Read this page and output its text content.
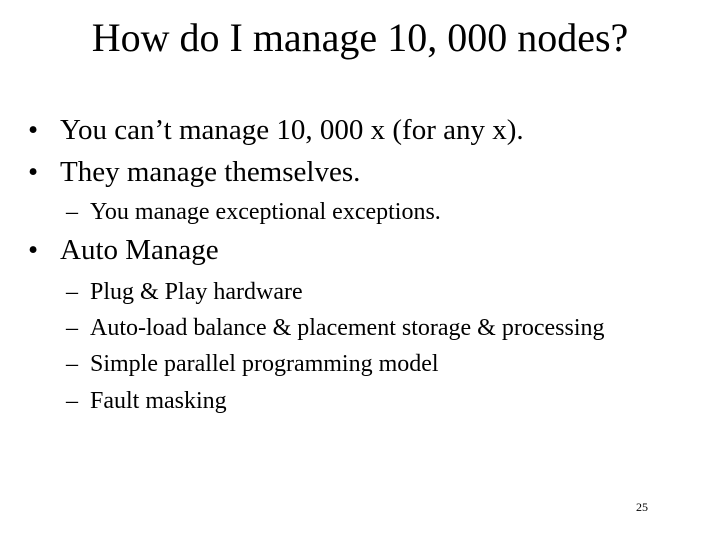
How do I manage 10, 000 nodes?
• You can’t manage 10, 000 x (for any x).
• They manage themselves.
– You manage exceptional exceptions.
• Auto Manage
– Plug & Play hardware
– Auto-load balance & placement storage & processing
– Simple parallel programming model
– Fault masking
25
